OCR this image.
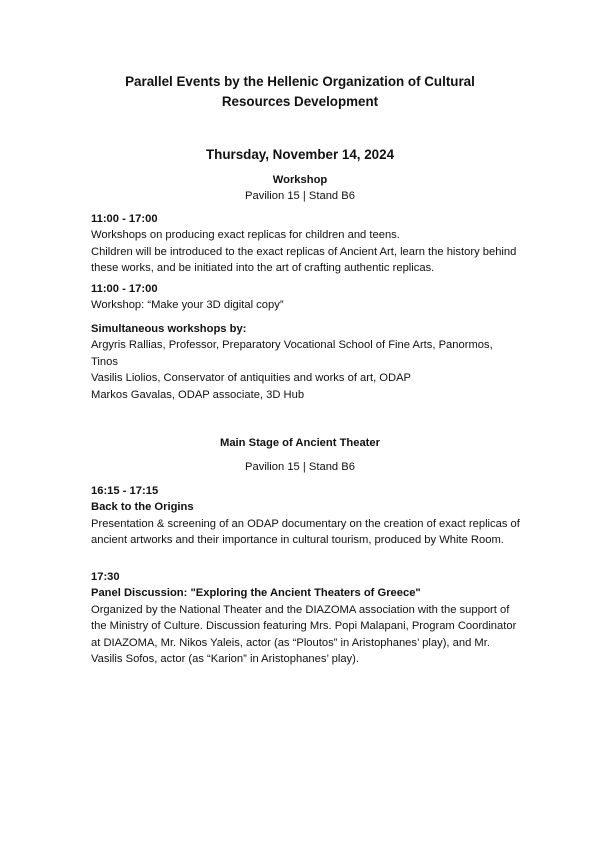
Parallel Events by the Hellenic Organization of Cultural
Resources Development
Thursday, November 14, 2024
Workshop
Pavilion 15 | Stand B6
11:00 - 17:00
Workshops on producing exact replicas for children and teens.
Children will be introduced to the exact replicas of Ancient Art, learn the history behind these works, and be initiated into the art of crafting authentic replicas.
11:00 - 17:00
Workshop: “Make your 3D digital copy”
Simultaneous workshops by:
Argyris Rallias, Professor, Preparatory Vocational School of Fine Arts, Panormos, Tinos
Vasilis Liolios, Conservator of antiquities and works of art, ODAP
Markos Gavalas, ODAP associate, 3D Hub
Main Stage of Ancient Theater
Pavilion 15 | Stand B6
16:15 - 17:15
Back to the Origins
Presentation & screening of an ODAP documentary on the creation of exact replicas of ancient artworks and their importance in cultural tourism, produced by White Room.
17:30
Panel Discussion: "Exploring the Ancient Theaters of Greece"
Organized by the National Theater and the DIAZOMA association with the support of the Ministry of Culture. Discussion featuring Mrs. Popi Malapani, Program Coordinator at DIAZOMA, Mr. Nikos Yaleis, actor (as “Ploutos” in Aristophanes’ play), and Mr. Vasilis Sofos, actor (as “Karion” in Aristophanes’ play).
